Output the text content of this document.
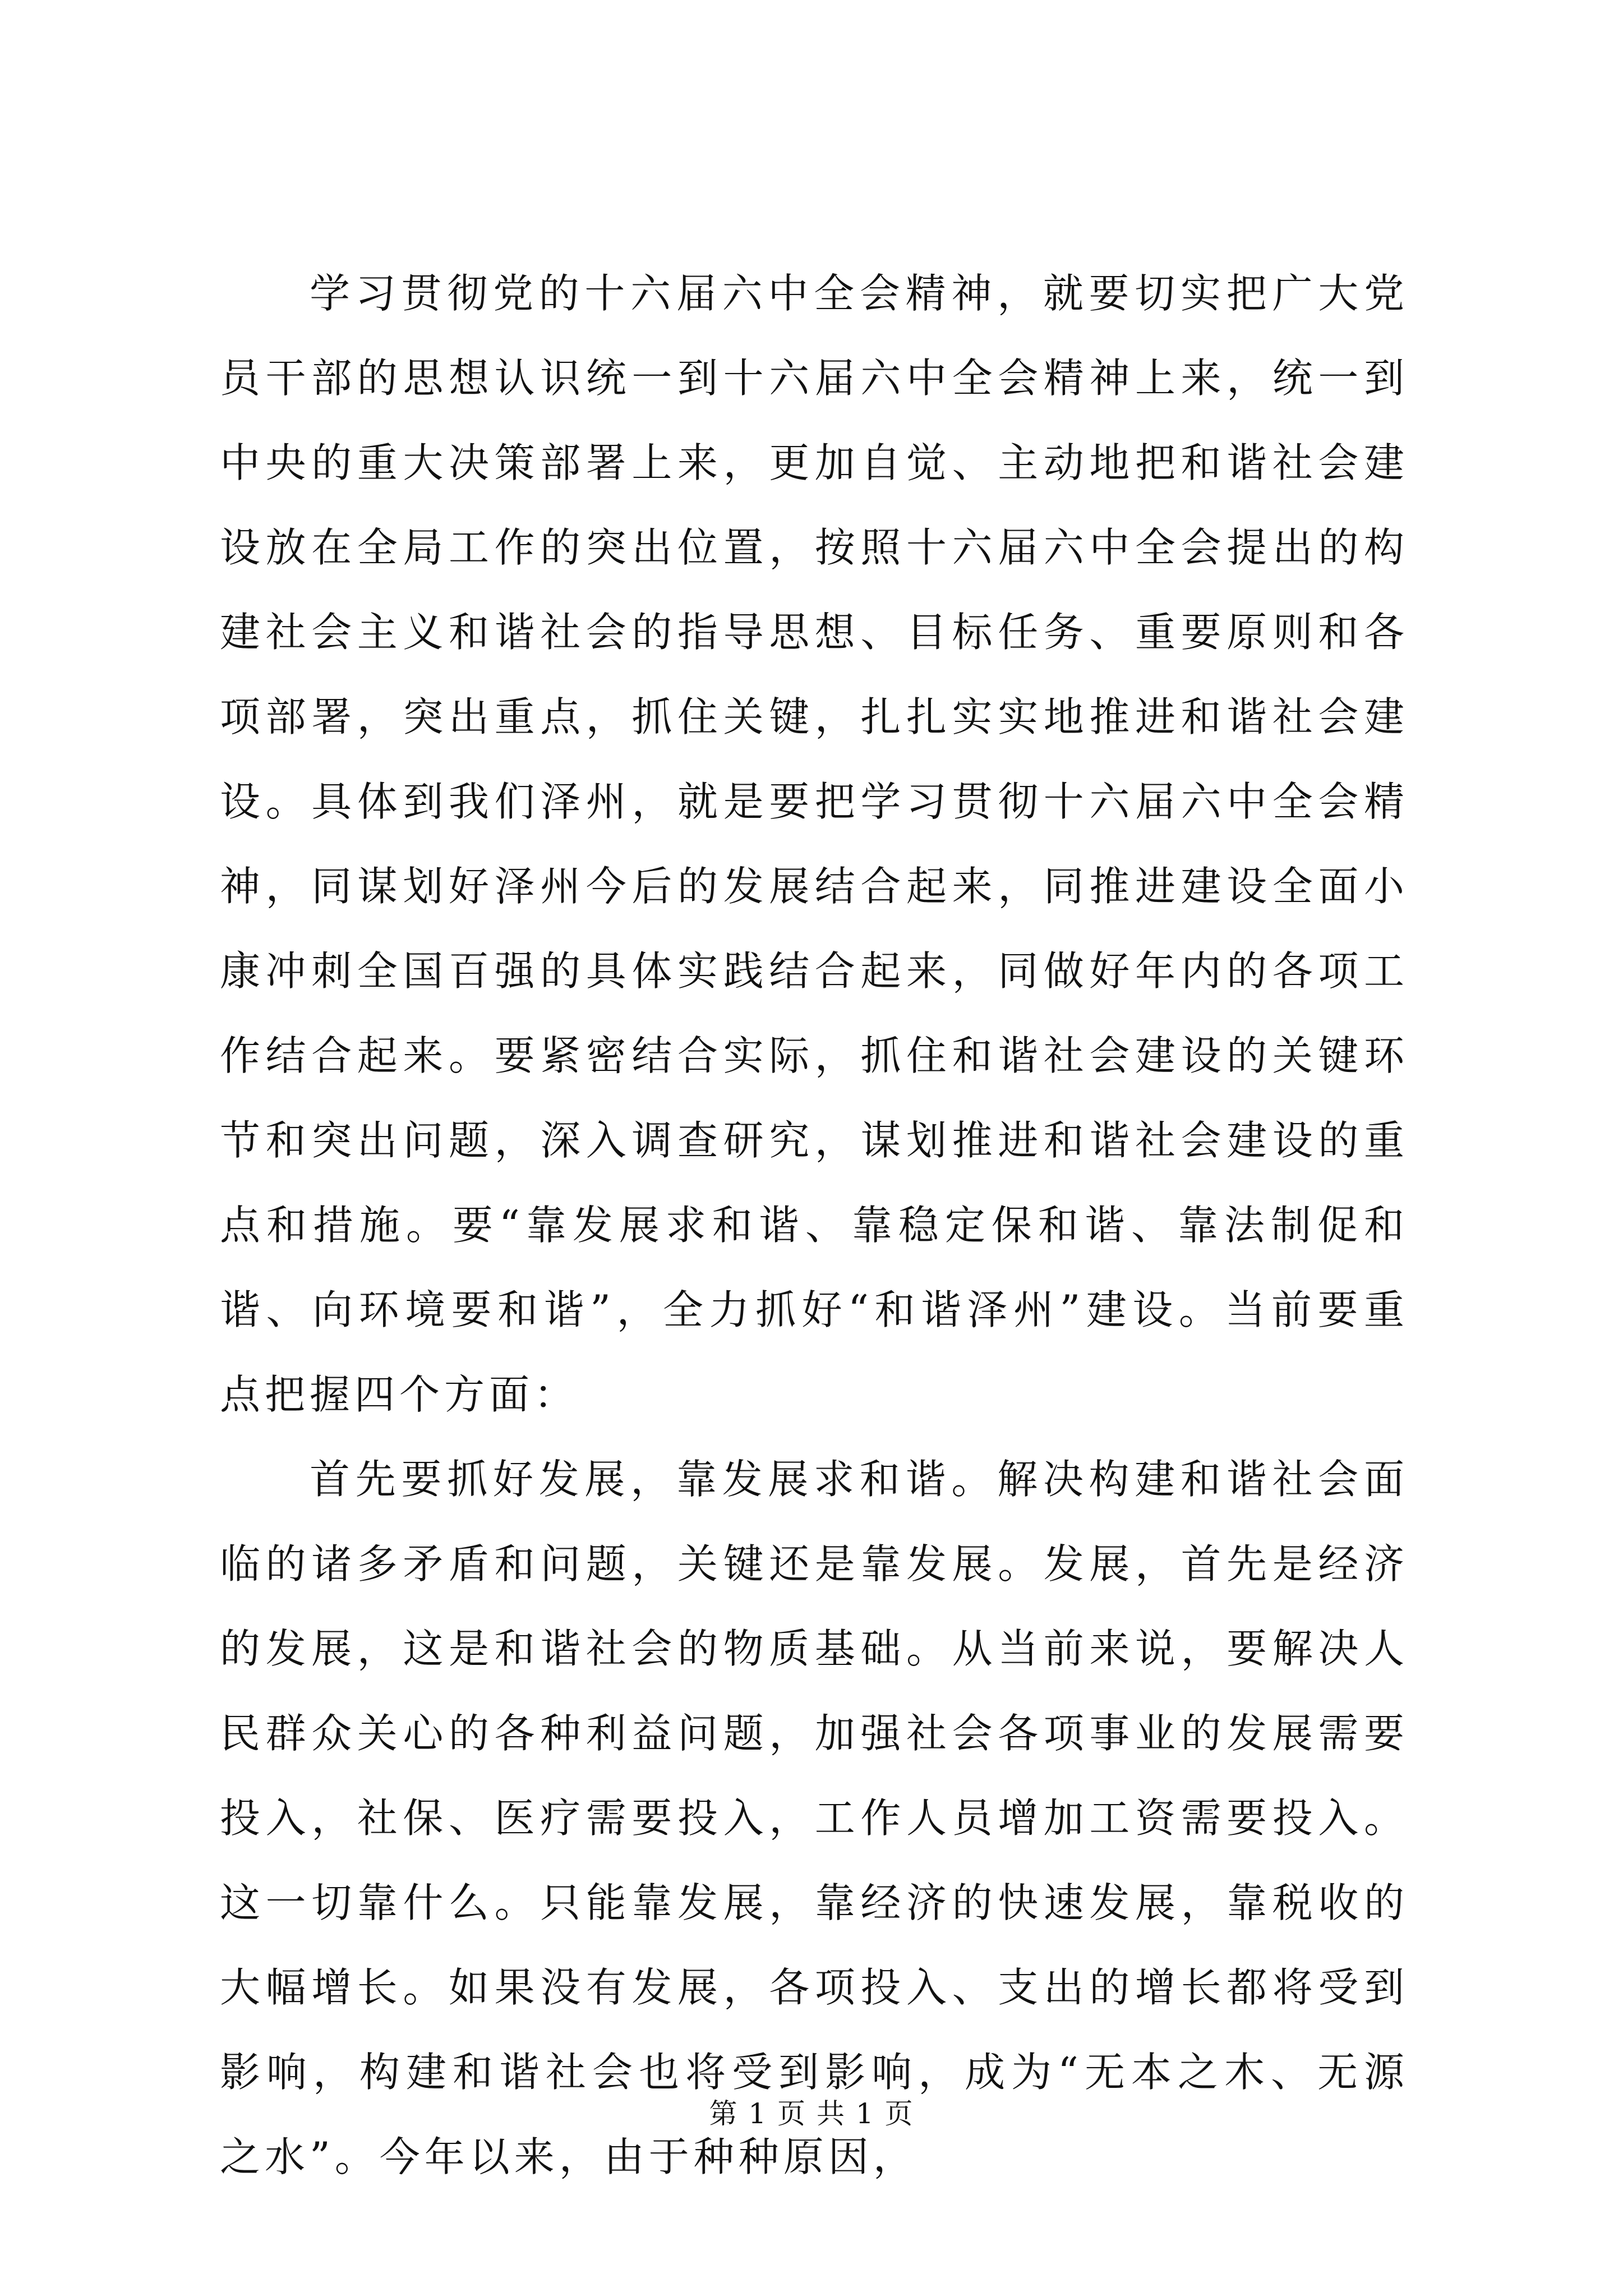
学习贯彻党的十六届六中全会精神，就要切实把广大党员干部的思想认识统一到十六届六中全会精神上来，统一到中央的重大决策部署上来，更加自觉、主动地把和谐社会建设放在全局工作的突出位置，按照十六届六中全会提出的构建社会主义和谐社会的指导思想、目标任务、重要原则和各项部署，突出重点，抓住关键，扎扎实实地推进和谐社会建设。具体到我们泽州，就是要把学习贯彻十六届六中全会精神，同谋划好泽州今后的发展结合起来，同推进建设全面小康冲刺全国百强的具体实践结合起来，同做好年内的各项工作结合起来。要紧密结合实际，抓住和谐社会建设的关键环节和突出问题，深入调查研究，谋划推进和谐社会建设的重点和措施。要“靠发展求和谐、靠稳定保和谐、靠法制促和谐、向环境要和谐”，全力抓好“和谐泽州”建设。当前要重点把握四个方面：

首先要抓好发展，靠发展求和谐。解决构建和谐社会面临的诸多矛盾和问题，关键还是靠发展。发展，首先是经济的发展，这是和谐社会的物质基础。从当前来说，要解决人民群众关心的各种利益问题，加强社会各项事业的发展需要投入，社保、医疗需要投入，工作人员增加工资需要投入。这一切靠什么。只能靠发展，靠经济的快速发展，靠税收的大幅增长。如果没有发展，各项投入、支出的增长都将受到影响，构建和谐社会也将受到影响，成为“无本之木、无源之水”。今年以来，由于种种原因，

第 1 页 共 1 页
